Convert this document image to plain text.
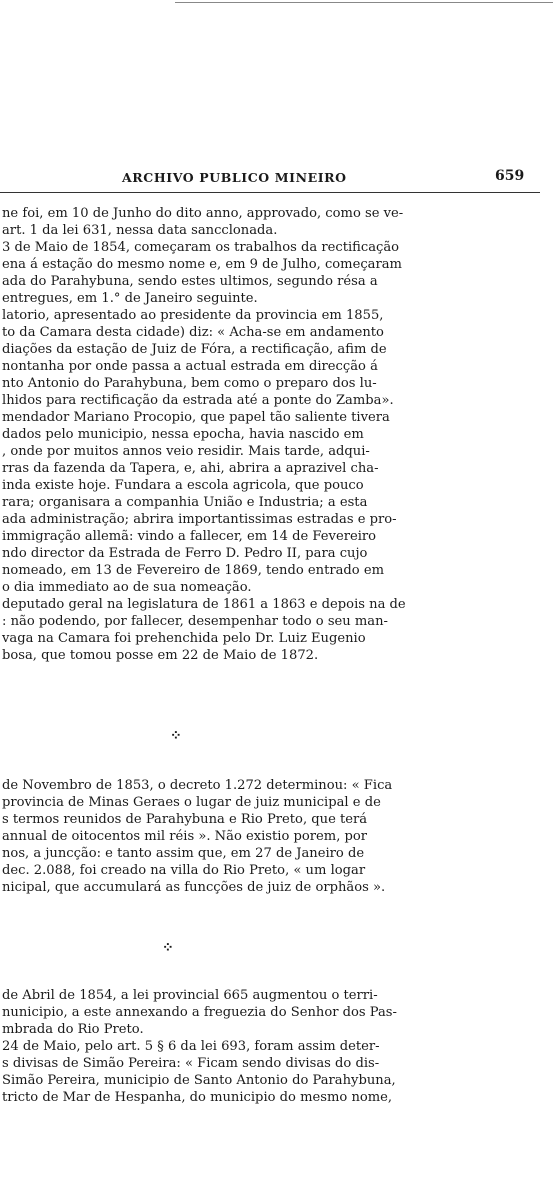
ARCHIVO PUBLICO MINEIRO	659
ne foi, em 10 de Junho do dito anno, approvado, como se ve-
art. 1 da lei 631, nessa data sancclonada.
3 de Maio de 1854, começaram os trabalhos da rectificação
ena á estação do mesmo nome e, em 9 de Julho, começaram
ada do Parahybuna, sendo estes ultimos, segundo résa a
entregues, em 1.° de Janeiro seguinte.
latorio, apresentado ao presidente da provincia em 1855,
to da Camara desta cidade) diz: « Acha-se em andamento
diações da estação de Juiz de Fóra, a rectificação, afim de
nontanha por onde passa a actual estrada em direcção á
nto Antonio do Parahybuna, bem como o preparo dos lu-
lhidos para rectificação da estrada até a ponte do Zamba».
mendador Mariano Procopio, que papel tão saliente tivera
dados pelo municipio, nessa epocha, havia nascido em
, onde por muitos annos veio residir. Mais tarde, adqui-
rras da fazenda da Tapera, e, ahi, abrira a aprazivel cha-
inda existe hoje. Fundara a escola agricola, que pouco
rara; organisara a companhia União e Industria; a esta
ada administração; abrira importantissimas estradas e pro-
immigração allemã: vindo a fallecer, em 14 de Fevereiro
ndo director da Estrada de Ferro D. Pedro II, para cujo
nomeado, em 13 de Fevereiro de 1869, tendo entrado em
o dia immediato ao de sua nomeação.
deputado geral na legislatura de 1861 a 1863 e depois na de
: não podendo, por fallecer, desempenhar todo o seu man-
vaga na Camara foi prehenchida pelo Dr. Luiz Eugenio
bosa, que tomou posse em 22 de Maio de 1872.
⁘
de Novembro de 1853, o decreto 1.272 determinou: « Fica
provincia de Minas Geraes o lugar de juiz municipal e de
s termos reunidos de Parahybuna e Rio Preto, que terá
annual de oitocentos mil réis ». Não existio porem, por
nos, a juncção: e tanto assim que, em 27 de Janeiro de
dec. 2.088, foi creado na villa do Rio Preto, « um logar
nicipal, que accumulará as funcções de juiz de orphãos ».
⁘
de Abril de 1854, a lei provincial 665 augmentou o terri-
nunicipio, a este annexando a freguezia do Senhor dos Pas-
mbrada do Rio Preto.
24 de Maio, pelo art. 5 § 6 da lei 693, foram assim deter-
s divisas de Simão Pereira: « Ficam sendo divisas do dis-
Simão Pereira, municipio de Santo Antonio do Parahybuna,
tricto de Mar de Hespanha, do municipio do mesmo nome,
